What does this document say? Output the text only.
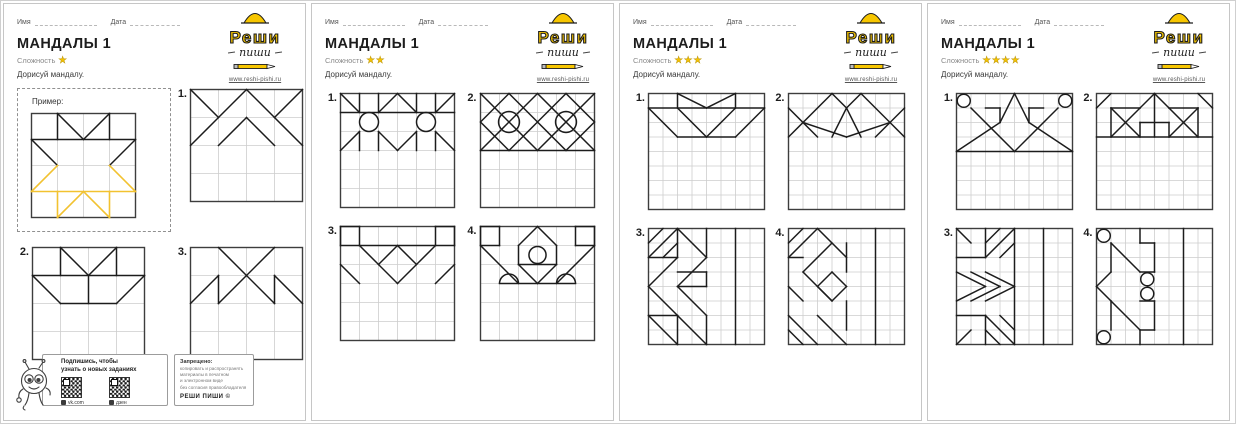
Имя	Дата
Реши
пиши
www.reshi-pishi.ru
МАНДАЛЫ 1
Сложность ★
Дорисуй мандалу.
Пример:
1.
2.	3.
Подпишись, чтобы
узнать о новых заданиях
vk.com	дзен
Запрещено:
копировать и распространять
материалы в печатном
и электронном виде
без согласия правообладателя
РЕШИ ПИШИ ©
Имя	Дата
Реши
пиши
www.reshi-pishi.ru
МАНДАЛЫ 1
Сложность ★★
Дорисуй мандалу.
1.	2.
3.	4.
Имя	Дата
Реши
пиши
www.reshi-pishi.ru
МАНДАЛЫ 1
Сложность ★★★
Дорисуй мандалу.
1.	2.
3.	4.
Имя	Дата
Реши
пиши
www.reshi-pishi.ru
МАНДАЛЫ 1
Сложность ★★★★
Дорисуй мандалу.
1.	2.
3.	4.
